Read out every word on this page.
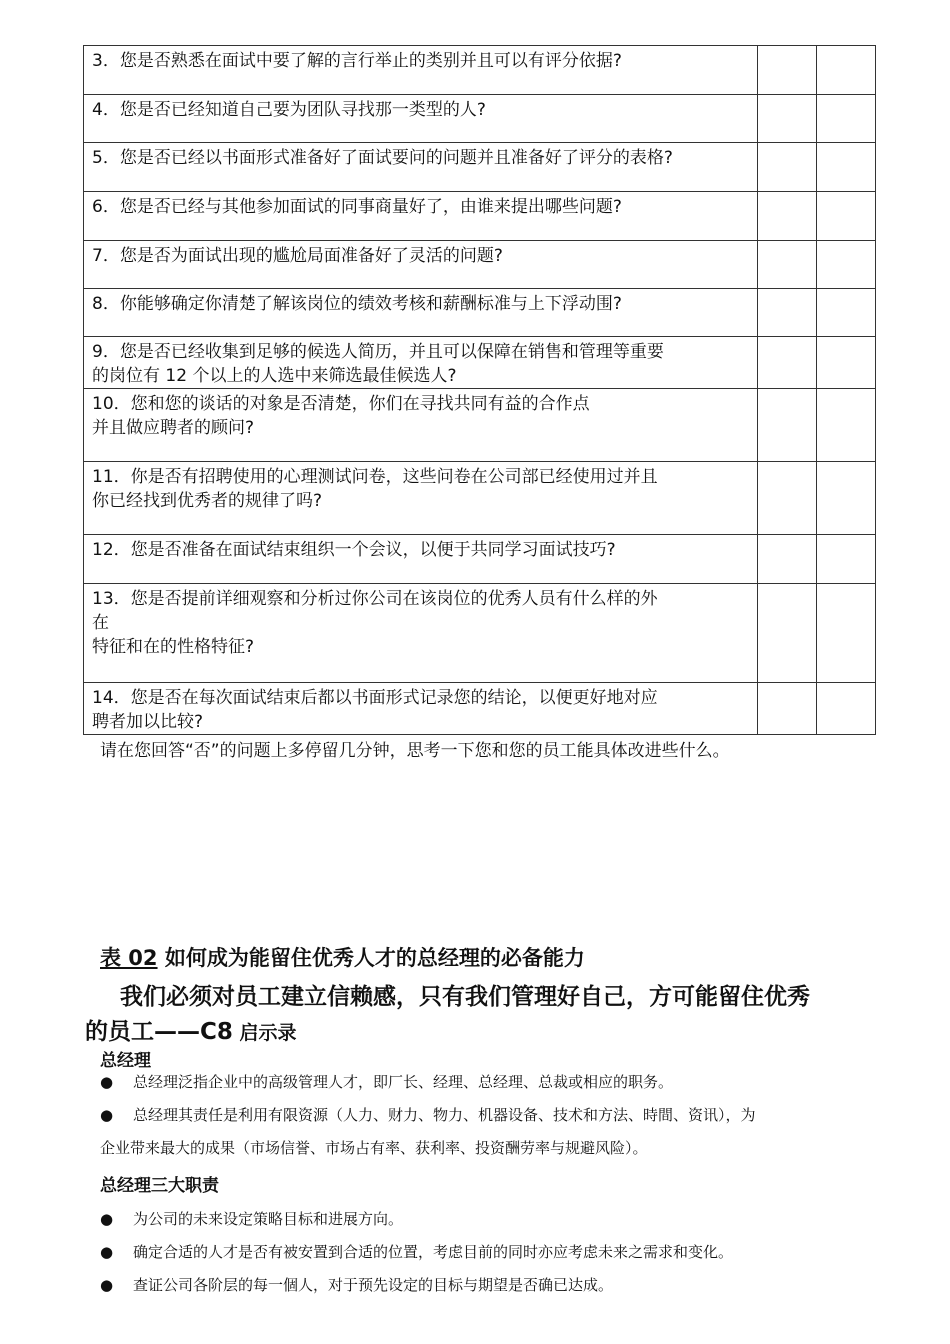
3．您是否熟悉在面试中要了解的言行举止的类别并且可以有评分依据?		
4．您是否已经知道自己要为团队寻找那一类型的人?		
5．您是否已经以书面形式准备好了面试要问的问题并且准备好了评分的表格?		
6．您是否已经与其他参加面试的同事商量好了，由谁来提出哪些问题?		
7．您是否为面试出现的尴尬局面准备好了灵活的问题?		
8．你能够确定你清楚了解该岗位的绩效考核和薪酬标准与上下浮动围?		
9．您是否已经收集到足够的候选人简历，并且可以保障在销售和管理等重要
的岗位有 12 个以上的人选中来筛选最佳候选人?		
10．您和您的谈话的对象是否清楚，你们在寻找共同有益的合作点
并且做应聘者的顾问?		
11．你是否有招聘使用的心理测试问卷，这些问卷在公司部已经使用过并且
你已经找到优秀者的规律了吗?		
12．您是否准备在面试结束组织一个会议，以便于共同学习面试技巧?		
13．您是否提前详细观察和分析过你公司在该岗位的优秀人员有什么样的外
在
特征和在的性格特征?		
14．您是否在每次面试结束后都以书面形式记录您的结论，以便更好地对应
聘者加以比较?		
请在您回答“否”的问题上多停留几分钟，思考一下您和您的员工能具体改进些什么。
表 02 如何成为能留住优秀人才的总经理的必备能力
我们必须对员工建立信赖感，只有我们管理好自己，方可能留住优秀
的员工——C8 启示录
总经理
● 总经理泛指企业中的高级管理人才，即厂长、经理、总经理、总裁或相应的职务。
● 总经理其责任是利用有限资源（人力、财力、物力、机器设备、技术和方法、時間、资讯），为
企业带来最大的成果（市场信誉、市场占有率、获利率、投资酬劳率与规避风险）。
总经理三大职责
● 为公司的未来设定策略目标和进展方向。
● 确定合适的人才是否有被安置到合适的位置，考虑目前的同时亦应考虑未来之需求和变化。
● 查证公司各阶层的每一個人，对于预先设定的目标与期望是否确已达成。
